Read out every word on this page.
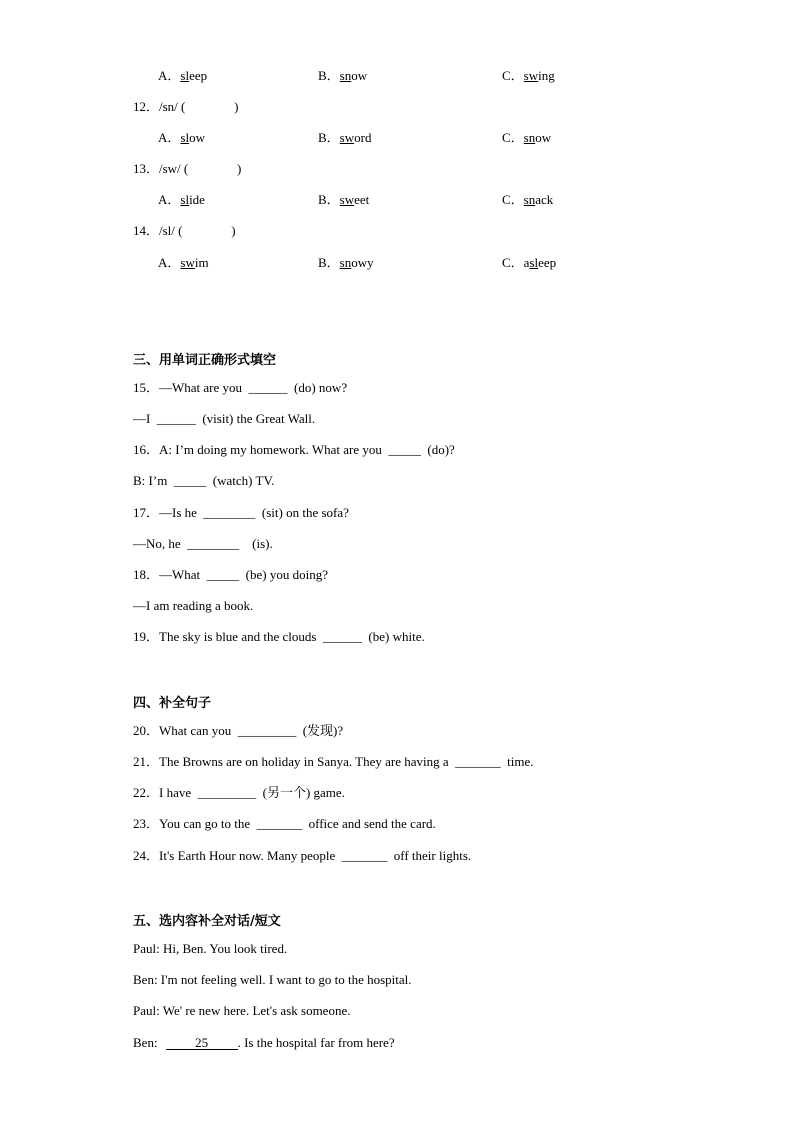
A．sleep	B．snow	C．swing
12．/sn/ (               )
A．slow	B．sword	C．snow
13．/sw/ (               )
A．slide	B．sweet	C．snack
14．/sl/ (               )
A．swim	B．snowy	C．asleep
三、用单词正确形式填空
15．—What are you  ______  (do) now?
—I  ______  (visit) the Great Wall.
16．A: I’m doing my homework. What are you  _____  (do)?
B: I’m  _____  (watch) TV.
17．—Is he  ________  (sit) on the sofa?
—No, he  ________    (is).
18．—What  _____  (be) you doing?
—I am reading a book.
19．The sky is blue and the clouds  ______  (be) white.
四、补全句子
20．What can you  _________  (发现)?
21．The Browns are on holiday in Sanya. They are having a  _______  time.
22．I have  _________  (另一个) game.
23．You can go to the  _______  office and send the card.
24．It's Earth Hour now. Many people  _______  off their lights.
五、选内容补全对话/短文
Paul: Hi, Ben. You look tired.
Ben: I'm not feeling well. I want to go to the hospital.
Paul: We' re new here. Let's ask someone.
Ben:	25 . Is the hospital far from here?
